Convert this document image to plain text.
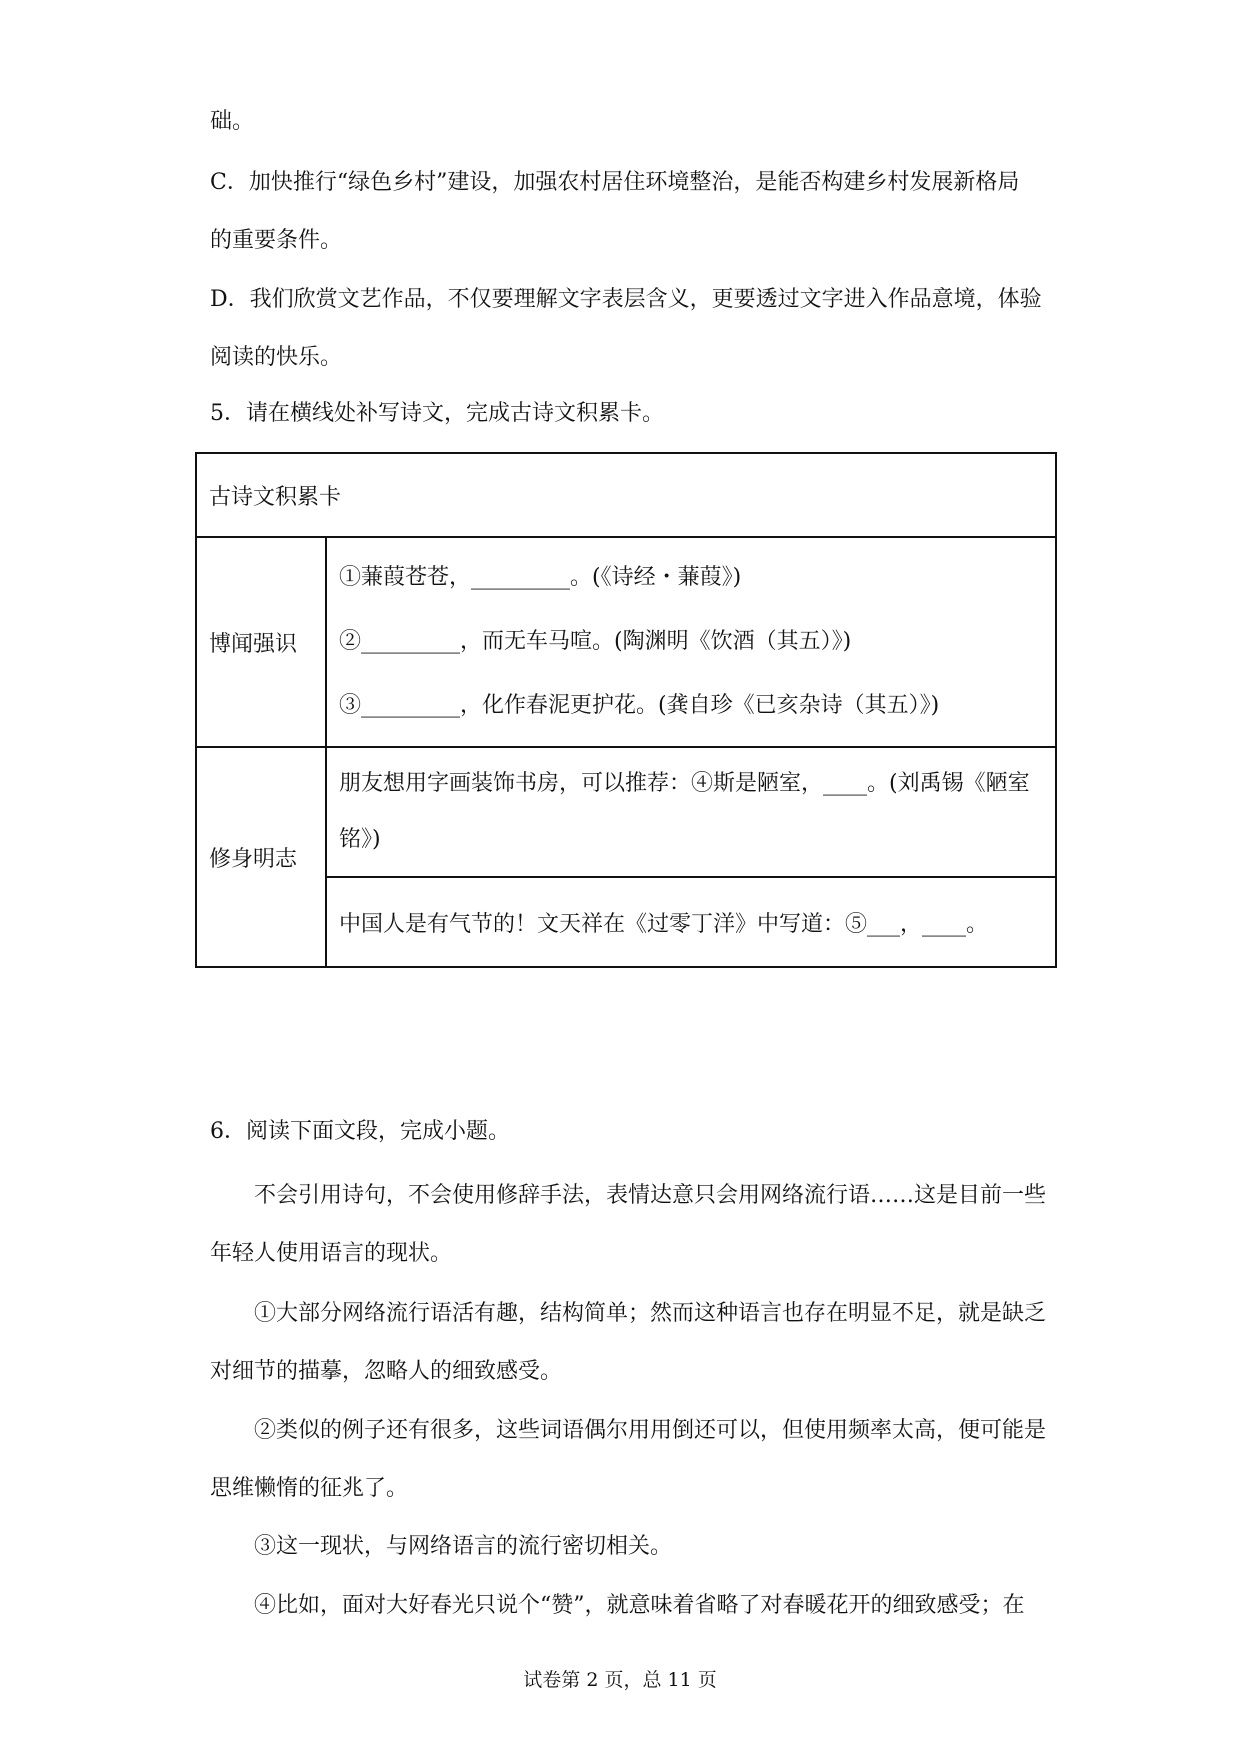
础。
C．加快推行“绿色乡村”建设，加强农村居住环境整治，是能否构建乡村发展新格局
的重要条件。
D．我们欣赏文艺作品，不仅要理解文字表层含义，更要透过文字进入作品意境，体验
阅读的快乐。
5．请在横线处补写诗文，完成古诗文积累卡。
古诗文积累卡	
博闻强识	①蒹葭苍苍，_________。(《诗经・蒹葭》)
②_________，而无车马喧。(陶渊明《饮酒（其五）》)
③_________，化作春泥更护花。(龚自珍《已亥杂诗（其五）》)

修身明志	朋友想用字画装饰书房，可以推荐：④斯是陋室，____。(刘禹锡《陋室
铭》)

	中国人是有气节的！文天祥在《过零丁洋》中写道：⑤___，____。
6．阅读下面文段，完成小题。
不会引用诗句，不会使用修辞手法，表情达意只会用网络流行语……这是目前一些
年轻人使用语言的现状。
①大部分网络流行语活有趣，结构简单；然而这种语言也存在明显不足，就是缺乏
对细节的描摹，忽略人的细致感受。
②类似的例子还有很多，这些词语偶尔用用倒还可以，但使用频率太高，便可能是
思维懒惰的征兆了。
③这一现状，与网络语言的流行密切相关。
④比如，面对大好春光只说个“赞”，就意味着省略了对春暖花开的细致感受；在
试卷第 2 页，总 11 页
